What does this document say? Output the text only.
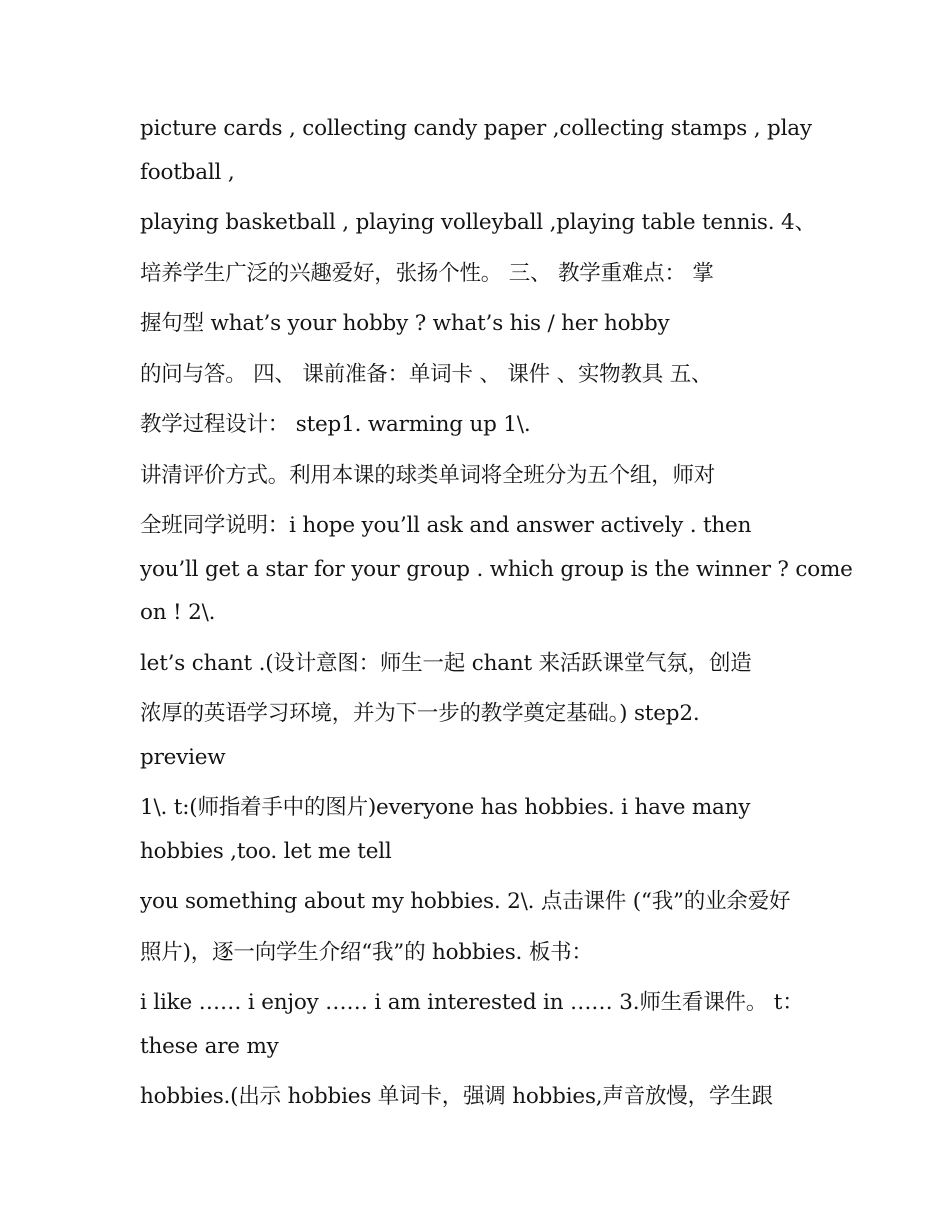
picture cards , collecting candy paper ,collecting stamps , play
football ,

playing basketball , playing volleyball ,playing table tennis. 4、

培养学生广泛的兴趣爱好，张扬个性。 三、 教学重难点： 掌

握句型 what’s your hobby ? what’s his / her hobby

的问与答。 四、 课前准备：单词卡 、 课件 、实物教具 五、

教学过程设计： step1. warming up 1\.

讲清评价方式。利用本课的球类单词将全班分为五个组，师对

全班同学说明：i hope you’ll ask and answer actively . then
you’ll get a star for your group . which group is the winner ? come
on ! 2\.

let’s chant .(设计意图：师生一起 chant 来活跃课堂气氛，创造

浓厚的英语学习环境，并为下一步的教学奠定基础。) step2.
preview

1\. t:(师指着手中的图片)everyone has hobbies. i have many
hobbies ,too. let me tell

you something about my hobbies. 2\. 点击课件 (“我”的业余爱好

照片)，逐一向学生介绍“我”的 hobbies. 板书：

i like …… i enjoy …… i am interested in …… 3.师生看课件。 t：
these are my

hobbies.(出示 hobbies 单词卡，强调 hobbies,声音放慢，学生跟
